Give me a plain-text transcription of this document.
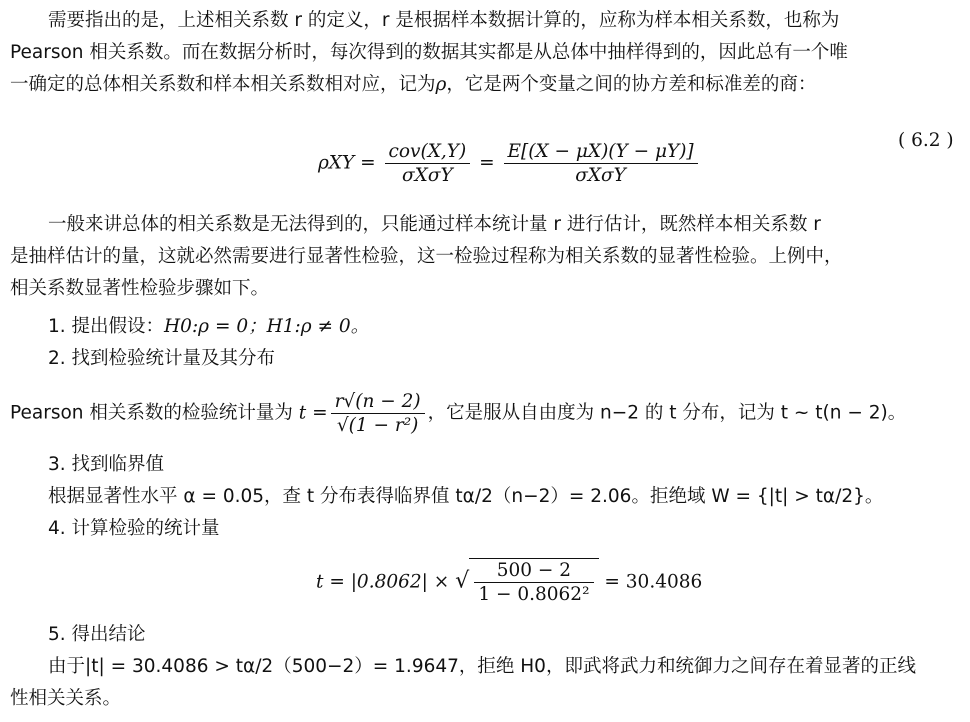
需要指出的是，上述相关系数 r 的定义，r 是根据样本数据计算的，应称为样本相关系数，也称为
Pearson 相关系数。而在数据分析时，每次得到的数据其实都是从总体中抽样得到的，因此总有一个唯
一确定的总体相关系数和样本相关系数相对应，记为ρ，它是两个变量之间的协方差和标准差的商：
$\rho XY = \frac{\text{cov(X,Y)}}{\text{σXσY}} = \frac{E[(X - \mu X)(Y - \mu Y)]}{\text{σXσY}}$	( 6.2 )
一般来讲总体的相关系数是无法得到的，只能通过样本统计量 r 进行估计，既然样本相关系数 r
是抽样估计的量，这就必然需要进行显著性检验，这一检验过程称为相关系数的显著性检验。上例中，
相关系数显著性检验步骤如下。
1. 提出假设：H0:ρ = 0；H1:ρ ≠ 0。
2. 找到检验统计量及其分布
Pearson 相关系数的检验统计量为 $t = \frac{r√(n - 2)}{\text{√(1 − r²)}}$ ，它是服从自由度为 n−2 的 t 分布，记为 t ~ t(n − 2)。
3. 找到临界值
根据显著性水平 α = 0.05，查 t 分布表得临界值 tα/2（n−2）= 2.06。拒绝域 W = {|t| > tα/2}。
4. 计算检验的统计量
t = |0.8062| × √ $\frac{500 - 2}{\text{1 − 0.8062²}} = 30.4086$
5. 得出结论
由于|t| = 30.4086 > tα/2（500−2）= 1.9647，拒绝 H0，即武将武力和统御力之间存在着显著的正线
性相关关系。
